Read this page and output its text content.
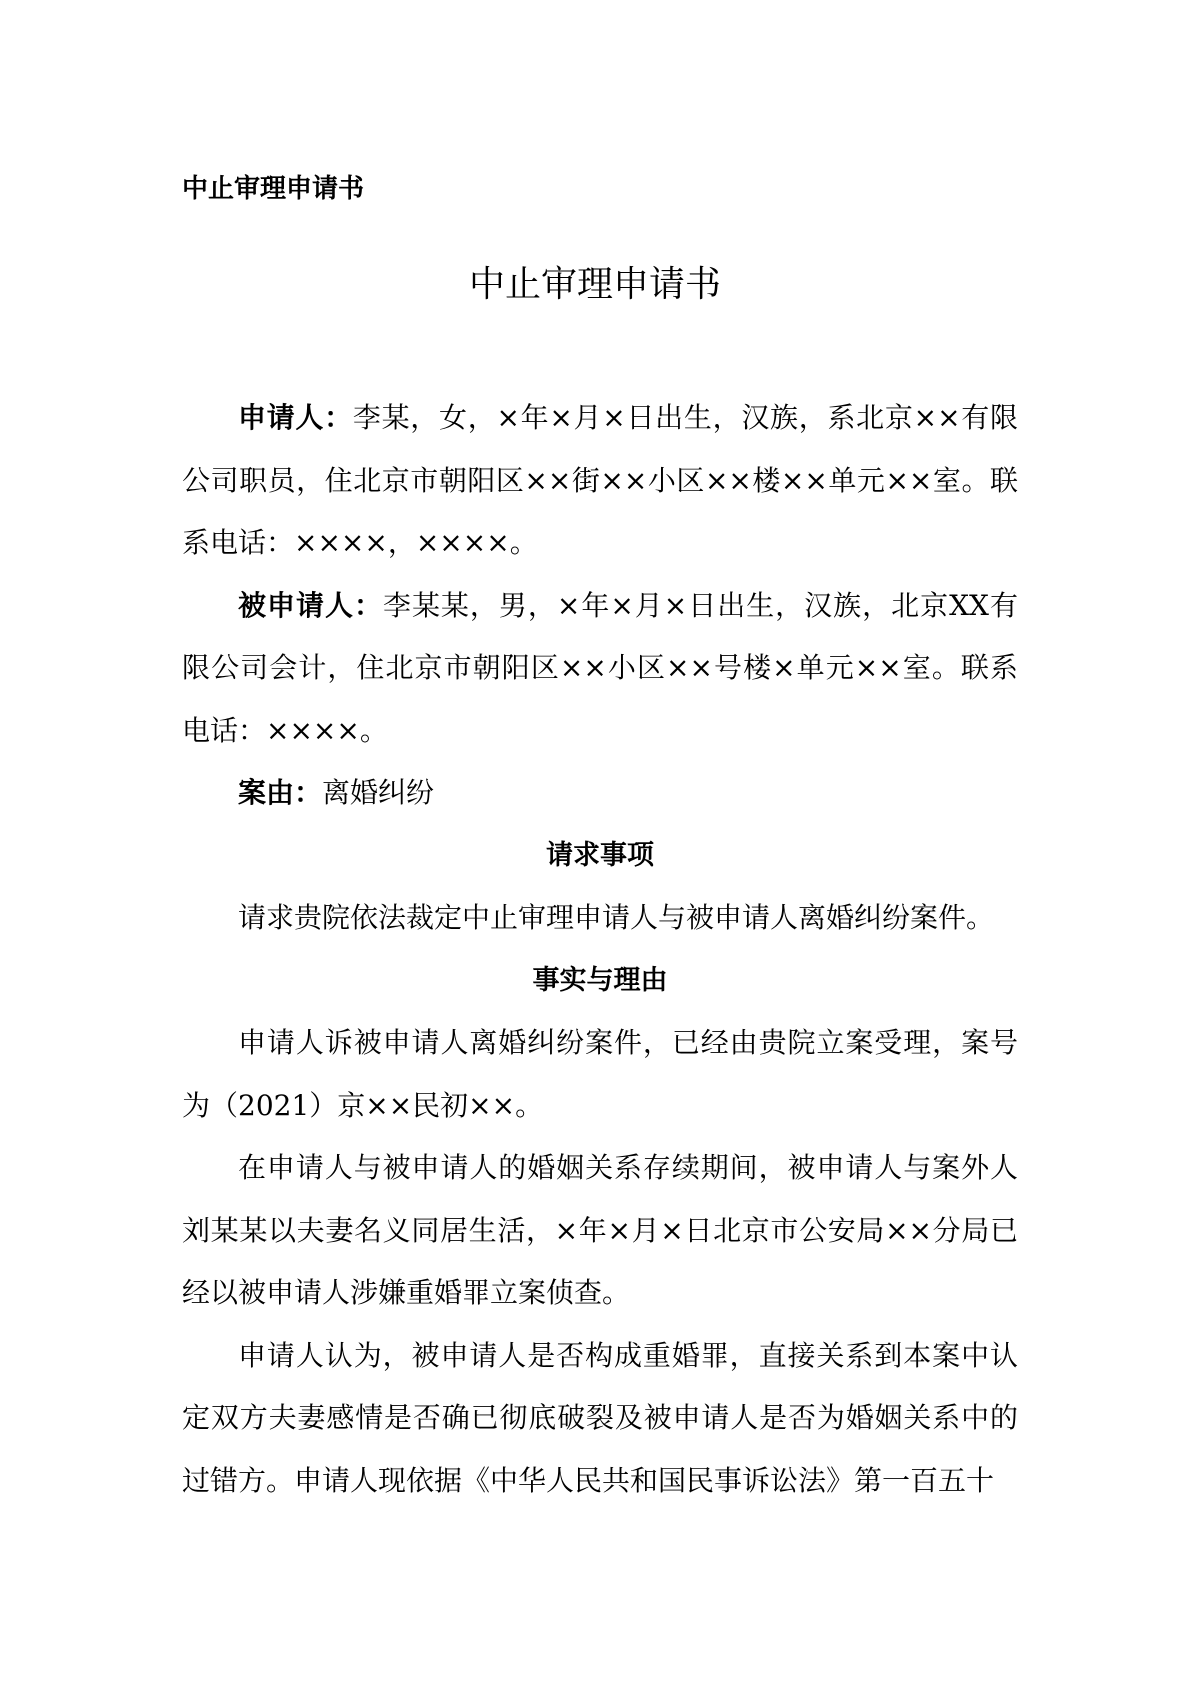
中止审理申请书
中止审理申请书

申请人：李某，女，×年×月×日出生，汉族，系北京××有限公司职员，住北京市朝阳区××街××小区××楼××单元××室。联系电话：××××，××××。

被申请人：李某某，男，×年×月×日出生，汉族，北京XX有限公司会计，住北京市朝阳区××小区××号楼×单元××室。联系电话：××××。

案由：离婚纠纷

请求事项

请求贵院依法裁定中止审理申请人与被申请人离婚纠纷案件。

事实与理由

申请人诉被申请人离婚纠纷案件，已经由贵院立案受理，案号为（2021）京××民初××。

在申请人与被申请人的婚姻关系存续期间，被申请人与案外人刘某某以夫妻名义同居生活，×年×月×日北京市公安局××分局已经以被申请人涉嫌重婚罪立案侦查。

申请人认为，被申请人是否构成重婚罪，直接关系到本案中认定双方夫妻感情是否确已彻底破裂及被申请人是否为婚姻关系中的过错方。申请人现依据《中华人民共和国民事诉讼法》第一百五十
